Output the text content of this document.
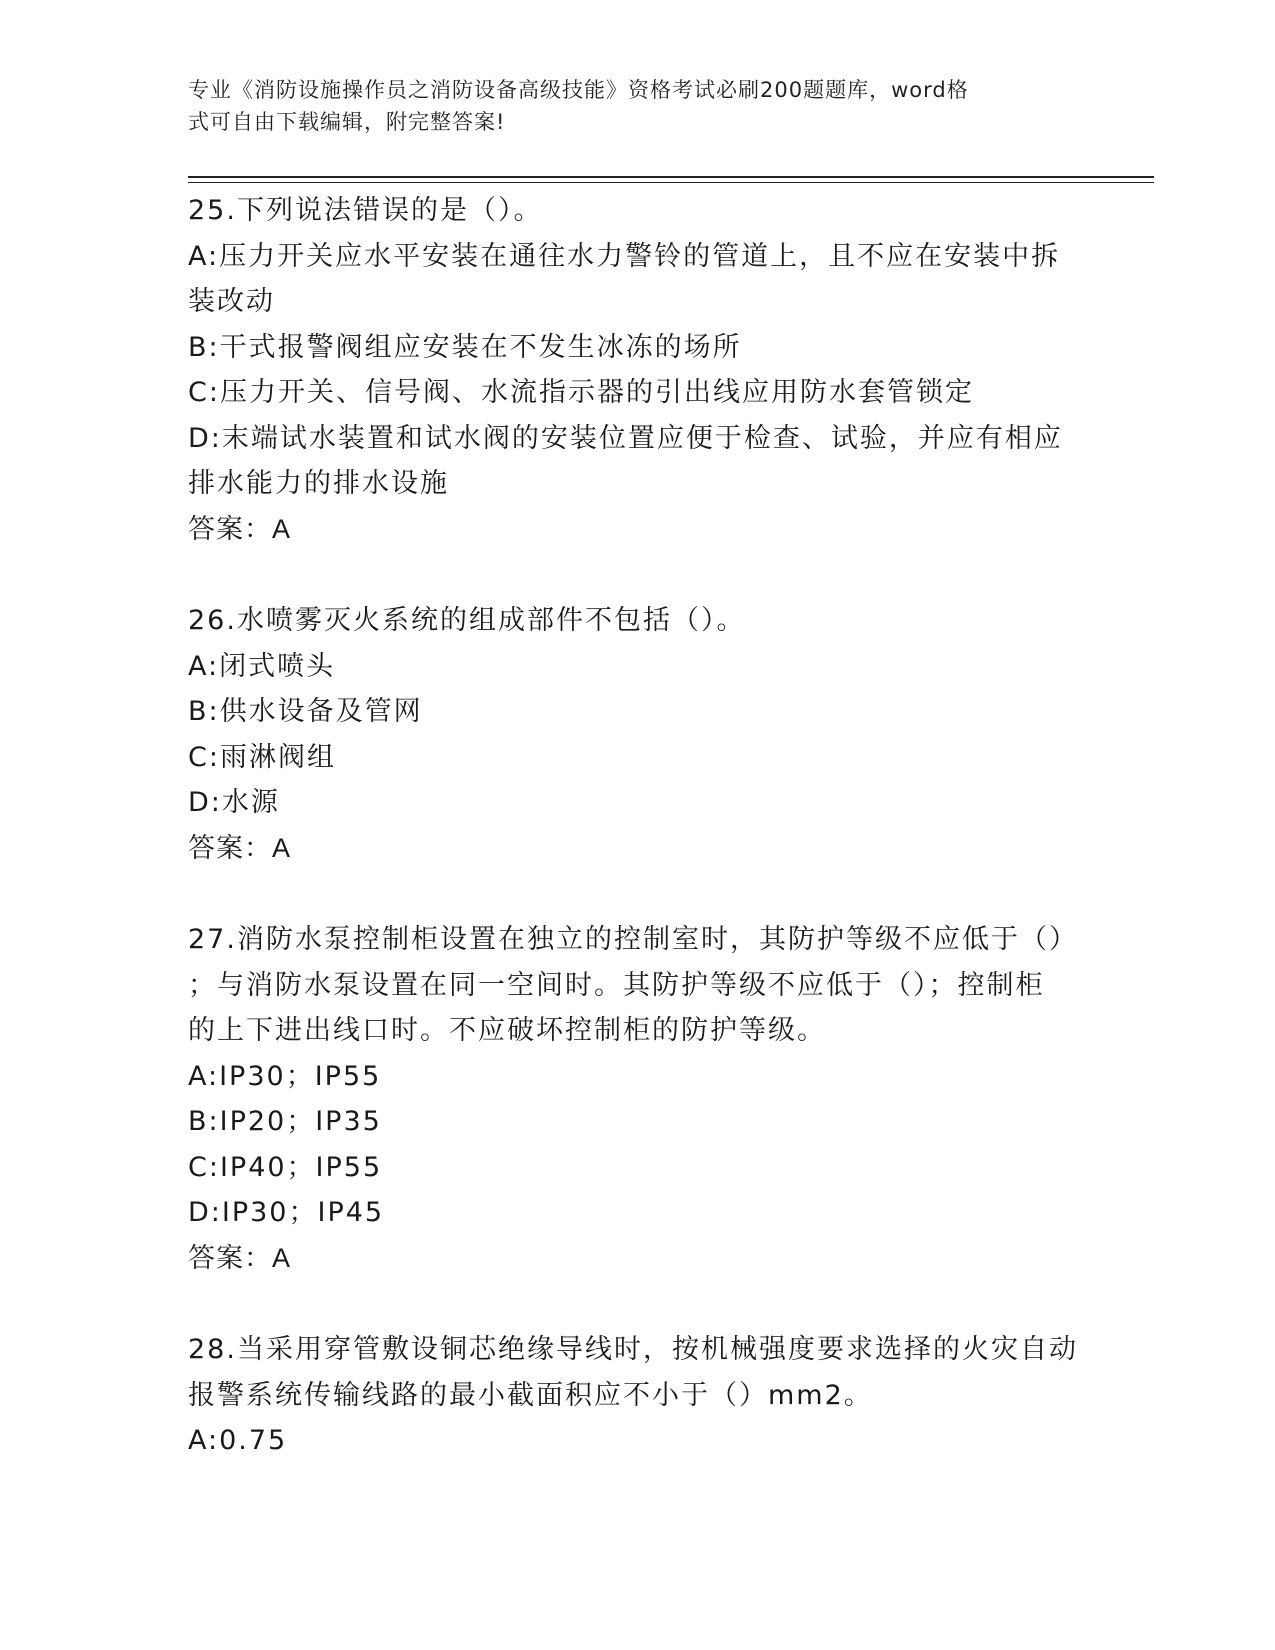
专业《消防设施操作员之消防设备高级技能》资格考试必刷200题题库，word格
式可自由下载编辑，附完整答案!
25.下列说法错误的是（）。
A:压力开关应水平安装在通往水力警铃的管道上，且不应在安装中拆
装改动
B:干式报警阀组应安装在不发生冰冻的场所
C:压力开关、信号阀、水流指示器的引出线应用防水套管锁定
D:末端试水装置和试水阀的安装位置应便于检查、试验，并应有相应
排水能力的排水设施
答案：A
26.水喷雾灭火系统的组成部件不包括（）。
A:闭式喷头
B:供水设备及管网
C:雨淋阀组
D:水源
答案：A
27.消防水泵控制柜设置在独立的控制室时，其防护等级不应低于（）
；与消防水泵设置在同一空间时。其防护等级不应低于（）；控制柜
的上下进出线口时。不应破坏控制柜的防护等级。
A:IP30；IP55
B:IP20；IP35
C:IP40；IP55
D:IP30；IP45
答案：A
28.当采用穿管敷设铜芯绝缘导线时，按机械强度要求选择的火灾自动
报警系统传输线路的最小截面积应不小于（）mm2。
A:0.75
